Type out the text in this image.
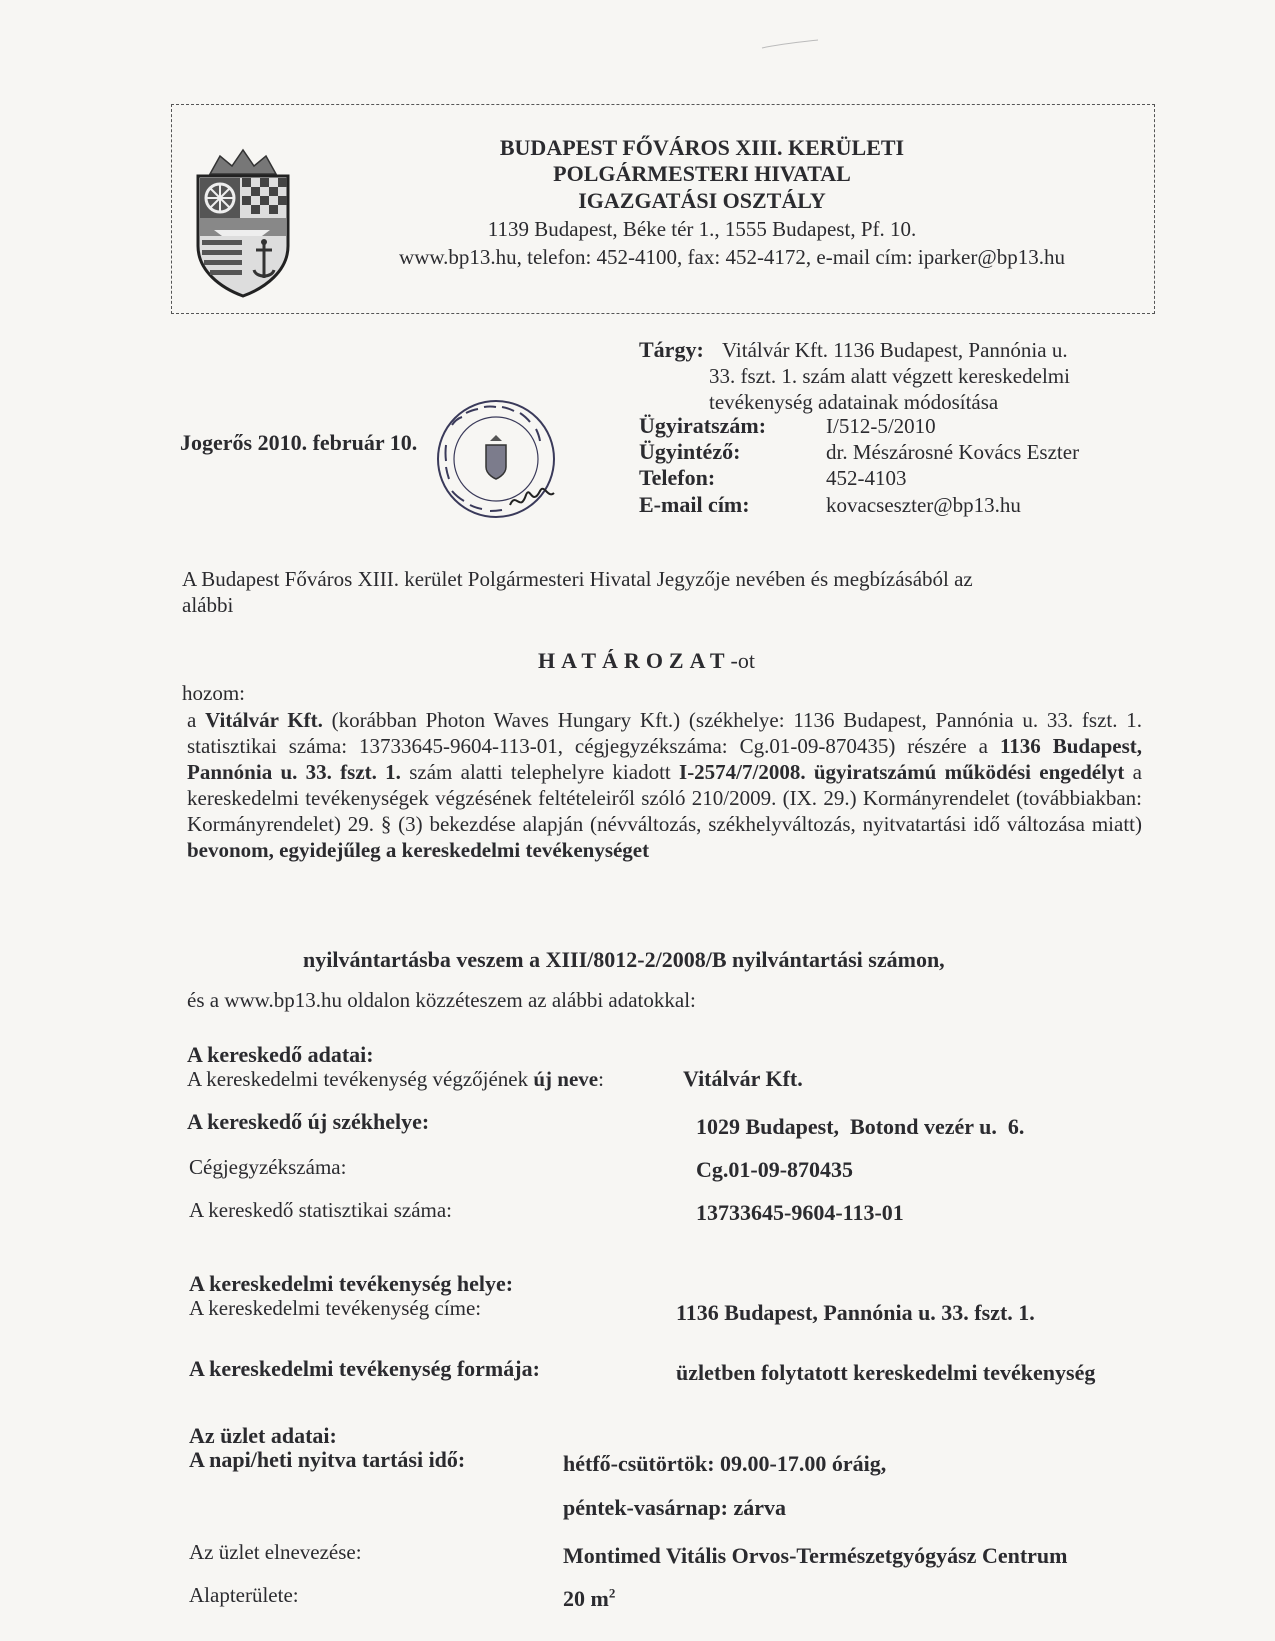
BUDAPEST FŐVÁROS XIII. KERÜLETI
POLGÁRMESTERI HIVATAL
IGAZGATÁSI OSZTÁLY
1139 Budapest, Béke tér 1., 1555 Budapest, Pf. 10.
www.bp13.hu, telefon: 452-4100, fax: 452-4172, e-mail cím: iparker@bp13.hu
Jogerős 2010. február 10.
Tárgy: Vitálvár Kft. 1136 Budapest, Pannónia u.
33. fszt. 1. szám alatt végzett kereskedelmi
tevékenység adatainak módosítása
Ügyiratszám:	I/512-5/2010
Ügyintéző:	dr. Mészárosné Kovács Eszter
Telefon:	452-4103
E-mail cím:	kovacseszter@bp13.hu
A Budapest Főváros XIII. kerület Polgármesteri Hivatal Jegyzője nevében és megbízásából az
alábbi
HATÁROZAT-ot
hozom:
a Vitálvár Kft. (korábban Photon Waves Hungary Kft.) (székhelye: 1136 Budapest, Pannónia u. 33. fszt. 1. statisztikai száma: 13733645-9604-113-01, cégjegyzékszáma: Cg.01-09-870435) részére a 1136 Budapest, Pannónia u. 33. fszt. 1. szám alatti telephelyre kiadott I-2574/7/2008. ügyiratszámú működési engedélyt a kereskedelmi tevékenységek végzésének feltételeiről szóló 210/2009. (IX. 29.) Kormányrendelet (továbbiakban: Kormányrendelet) 29. § (3) bekezdése alapján (névváltozás, székhelyváltozás, nyitvatartási idő változása miatt) bevonom, egyidejűleg a kereskedelmi tevékenységet
nyilvántartásba veszem a XIII/8012-2/2008/B nyilvántartási számon,
és a www.bp13.hu oldalon közzéteszem az alábbi adatokkal:
A kereskedő adatai:
A kereskedelmi tevékenység végzőjének új neve:	Vitálvár Kft.
A kereskedő új székhelye:	1029 Budapest,  Botond vezér u.  6.
Cégjegyzékszáma:	Cg.01-09-870435
A kereskedő statisztikai száma:	13733645-9604-113-01
A kereskedelmi tevékenység helye:
A kereskedelmi tevékenység címe:	1136 Budapest, Pannónia u. 33. fszt. 1.
A kereskedelmi tevékenység formája:	üzletben folytatott kereskedelmi tevékenység
Az üzlet adatai:
A napi/heti nyitva tartási idő:	hétfő-csütörtök: 09.00-17.00 óráig,
péntek-vasárnap: zárva
Az üzlet elnevezése:	Montimed Vitális Orvos-Természetgyógyász Centrum
Alapterülete:	20 $m^2$
